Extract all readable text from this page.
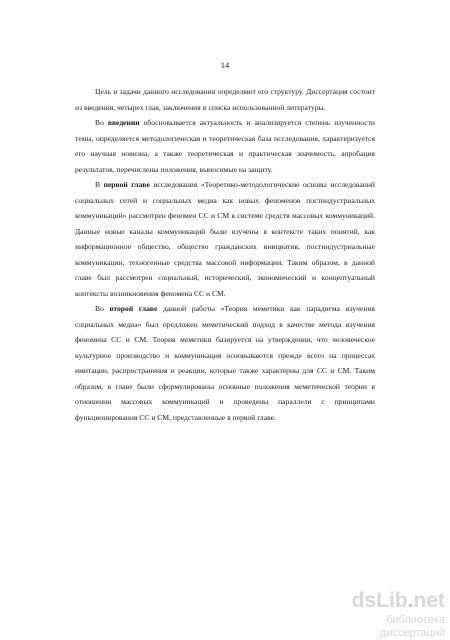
14

Цель и задачи данного исследования определяют его структуру. Диссертация состоит из введения, четырех глав, заключения и списка использованной литературы.

Во введении обосновывается актуальность и анализируется степень изученности темы, определяется методологическая и теоретическая база исследования, характеризуется его научная новизна, а также теоретическая и практическая значимость, апробация результатов, перечислены положения, выносимые на защиту.

В первой главе исследования «Теоретико-методологические основы исследований социальных сетей и социальных медиа как новых феноменов постиндустриальных коммуникаций» рассмотрен феномен СС и СМ в системе средств массовых коммуникаций. Данные новые каналы коммуникаций были изучены в контексте таких понятий, как информационное общество, общество гражданских инициатив, постиндустриальные коммуникации, техногенные средства массовой информации. Таким образом, в данной главе был рассмотрен социальный, исторический, экономический и концептуальный контексты возникновения феномена СС и СМ.

Во второй главе данной работы «Теория меметики как парадигма изучения социальных медиа» был предложен меметический подход в качестве метода изучения феномена СС и СМ. Теория меметики базируется на утверждении, что человеческое культурное производство и коммуникация основываются прежде всего на процессах имитации, распространения и реакции, которые также характерны для СС и СМ. Таким образом, в главе были сформулированы основные положения меметической теории в отношении массовых коммуникаций и проведены параллели с принципами функционирования СС и СМ, представленные в первой главе.

dsLib.net
библиотека диссертаций
